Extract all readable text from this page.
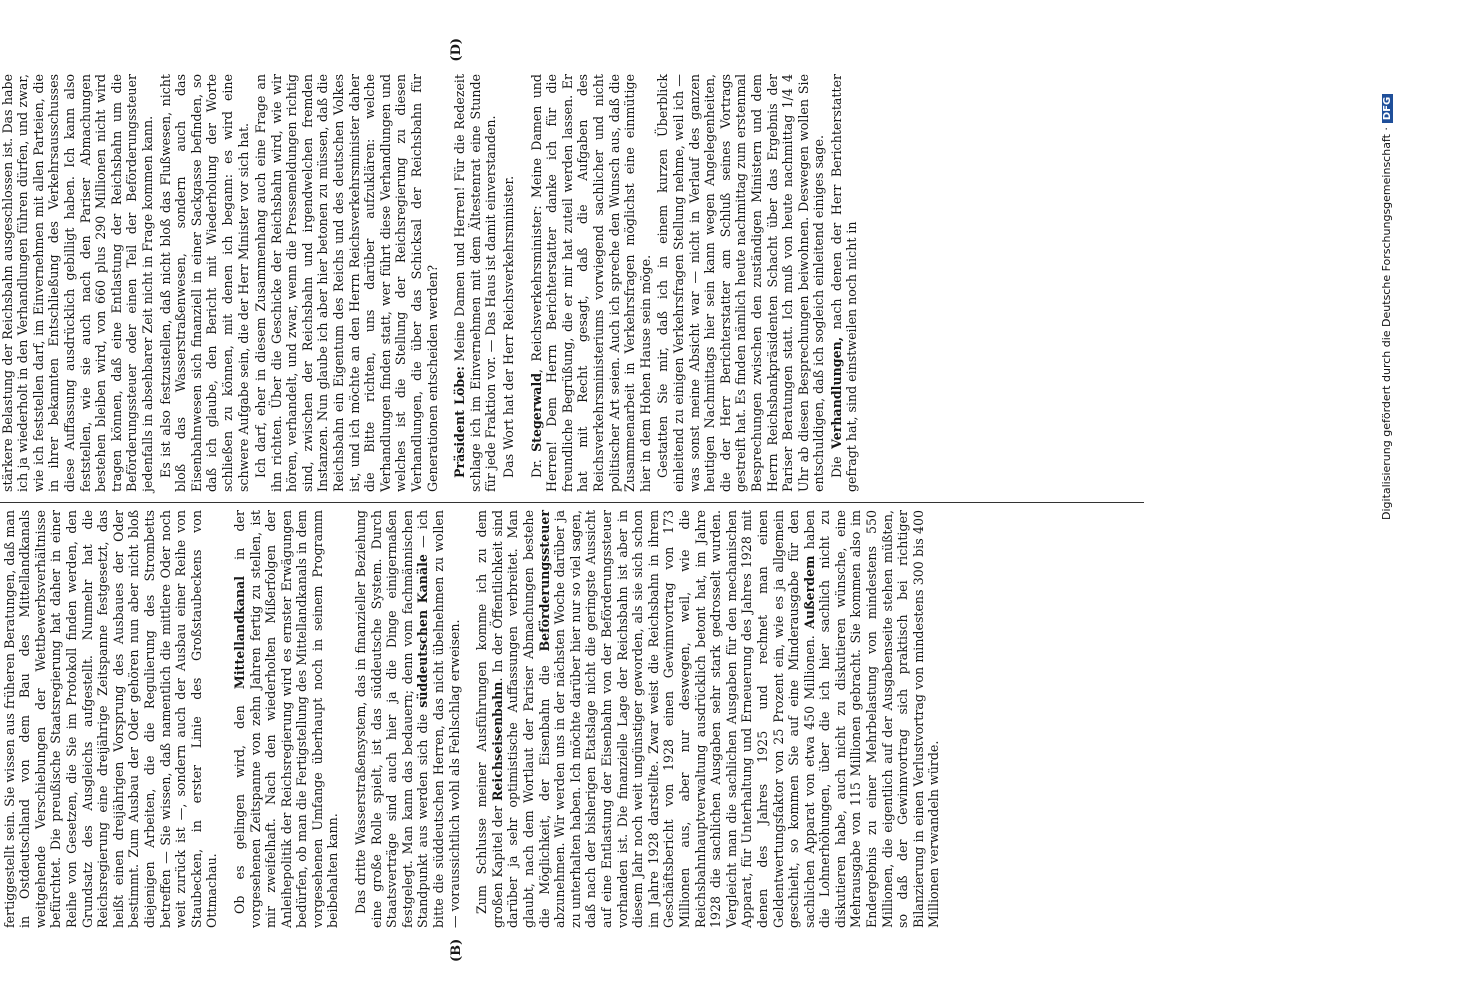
(B)
(D)

fertiggestellt sein. Sie wissen aus früheren Beratungen, daß man in Ostdeutschland von dem Bau des Mittellandkanals weitgehende Verschiebungen der Wettbewerbsverhältnisse befürchtet. Die preußische Staatsregierung hat daher in einer Reihe von Gesetzen, die Sie im Protokoll finden werden, den Grundsatz des Ausgleichs aufgestellt. Nunmehr hat die Reichsregierung eine dreijährige Zeitspanne festgesetzt, das heißt einen dreijährigen Vorsprung des Ausbaues der Oder bestimmt. Zum Ausbau der Oder gehören nun aber nicht bloß diejenigen Arbeiten, die die Regulierung des Strombetts betreffen — Sie wissen, daß namentlich die mittlere Oder noch weit zurück ist —, sondern auch der Ausbau einer Reihe von Staubecken, in erster Linie des Großstaubeckens von Ottmachau. Ob es gelingen wird, den Mittellandkanal in der vorgesehenen Zeitspanne von zehn Jahren fertig zu stellen, ist mir zweifelhaft. Nach den wiederholten Mißerfolgen der Anleihepolitik der Reichsregierung wird es ernster Erwägungen bedürfen, ob man die Fertigstellung des Mittellandkanals in dem vorgesehenen Umfange überhaupt noch in seinem Programm beibehalten kann. Das dritte Wasserstraßensystem, das in finanzieller Beziehung eine große Rolle spielt, ist das süddeutsche System. Durch Staatsverträge sind auch hier ja die Dinge einigermaßen festgelegt. Man kann das bedauern; denn vom fachmännischen Standpunkt aus werden sich die süddeutschen Kanäle — ich bitte die süddeutschen Herren, das nicht übelnehmen zu wollen — voraussichtlich wohl als Fehlschlag erweisen. Zum Schlusse meiner Ausführungen komme ich zu dem großen Kapitel der Reichseisenbahn. In der Öffentlichkeit sind darüber ja sehr optimistische Auffassungen verbreitet. Man glaubt, nach dem Wortlaut der Pariser Abmachungen bestehe die Möglichkeit, der Eisenbahn die Beförderungssteuer abzunehmen. Wir werden uns in der nächsten Woche darüber ja zu unterhalten haben. Ich möchte darüber hier nur so viel sagen, daß nach der bisherigen Etatslage nicht die geringste Aussicht auf eine Entlastung der Eisenbahn von der Beförderungssteuer vorhanden ist. Die finanzielle Lage der Reichsbahn ist aber in diesem Jahr noch weit ungünstiger geworden, als sie sich schon im Jahre 1928 darstellte. Zwar weist die Reichsbahn in ihrem Geschäftsbericht von 1928 einen Gewinnvortrag von 173 Millionen aus, aber nur deswegen, weil, wie die Reichsbahnhauptverwaltung ausdrücklich betont hat, im Jahre 1928 die sachlichen Ausgaben sehr stark gedrosselt wurden. Vergleicht man die sachlichen Ausgaben für den mechanischen Apparat, für Unterhaltung und Erneuerung des Jahres 1928 mit denen des Jahres 1925 und rechnet man einen Geldentwertungsfaktor von 25 Prozent ein, wie es ja allgemein geschieht, so kommen Sie auf eine Minderausgabe für den sachlichen Apparat von etwa 450 Millionen. Außerdem haben die Lohnerhöhungen, über die ich hier sachlich nicht zu diskutieren habe, auch nicht zu diskutieren wünsche, eine Mehrausgabe von 115 Millionen gebracht. Sie kommen also im Endergebnis zu einer Mehrbelastung von mindestens 550 Millionen, die eigentlich auf der Ausgabenseite stehen müßten, so daß der Gewinnvortrag sich praktisch bei richtiger Bilanzierung in einen Verlustvortrag von mindestens 300 bis 400 Millionen verwandeln würde.

stärkere Belastung der Reichsbahn ausgeschlossen ist. Das habe ich ja wiederholt in den Verhandlungen führen dürfen, und zwar, wie ich feststellen darf, im Einvernehmen mit allen Parteien, die in ihrer bekannten Entschließung des Verkehrsausschusses diese Auffassung ausdrücklich gebilligt haben. Ich kann also feststellen, wie sie auch nach den Pariser Abmachungen bestehen bleiben wird, von 660 plus 290 Millionen nicht wird tragen können, daß eine Entlastung der Reichsbahn um die Beförderungssteuer oder einen Teil der Beförderungssteuer jedenfalls in absehbarer Zeit nicht in Frage kommen kann. Es ist also festzustellen, daß nicht bloß das Flußwesen, nicht bloß das Wasserstraßenwesen, sondern auch das Eisenbahnwesen sich finanziell in einer Sackgasse befinden, so daß ich glaube, den Bericht mit Wiederholung der Worte schließen zu können, mit denen ich begann: es wird eine schwere Aufgabe sein, die der Herr Minister vor sich hat. Ich darf, eher in diesem Zusammenhang auch eine Frage an ihn richten. Über die Geschicke der Reichsbahn wird, wie wir hören, verhandelt, und zwar, wenn die Pressemeldungen richtig sind, zwischen der Reichsbahn und irgendwelchen fremden Instanzen. Nun glaube ich aber hier betonen zu müssen, daß die Reichsbahn ein Eigentum des Reichs und des deutschen Volkes ist, und ich möchte an den Herrn Reichsverkehrsminister daher die Bitte richten, uns darüber aufzuklären: welche Verhandlungen finden statt, wer führt diese Verhandlungen und welches ist die Stellung der Reichsregierung zu diesen Verhandlungen, die über das Schicksal der Reichsbahn für Generationen entscheiden werden? Präsident Löbe: Meine Damen und Herren! Für die Redezeit schlage ich im Einvernehmen mit dem Ältestenrat eine Stunde für jede Fraktion vor. — Das Haus ist damit einverstanden. Das Wort hat der Herr Reichsverkehrsminister. Dr. Stegerwald, Reichsverkehrsminister: Meine Damen und Herren! Dem Herrn Berichterstatter danke ich für die freundliche Begrüßung, die er mir hat zuteil werden lassen. Er hat mit Recht gesagt, daß die Aufgaben des Reichsverkehrsministeriums vorwiegend sachlicher und nicht politischer Art seien. Auch ich spreche den Wunsch aus, daß die Zusammenarbeit in Verkehrsfragen möglichst eine einmütige hier in dem Hohen Hause sein möge. Gestatten Sie mir, daß ich in einem kurzen Überblick einleitend zu einigen Verkehrsfragen Stellung nehme, weil ich — was sonst meine Absicht war — nicht in Verlauf des ganzen heutigen Nachmittags hier sein kann wegen Angelegenheiten, die der Herr Berichterstatter am Schluß seines Vortrags gestreift hat. Es finden nämlich heute nachmittag zum erstenmal Besprechungen zwischen den zuständigen Ministern und dem Herrn Reichsbankpräsidenten Schacht über das Ergebnis der Pariser Beratungen statt. Ich muß von heute nachmittag 1/4 4 Uhr ab diesen Besprechungen beiwohnen. Deswegen wollen Sie entschuldigen, daß ich sogleich einleitend einiges sage. Die Verhandlungen, nach denen der Herr Berichterstatter gefragt hat, sind einstweilen noch nicht in	Digitalisierung gefördert durch die Deutsche Forschungsgemeinschaft ·DFG
